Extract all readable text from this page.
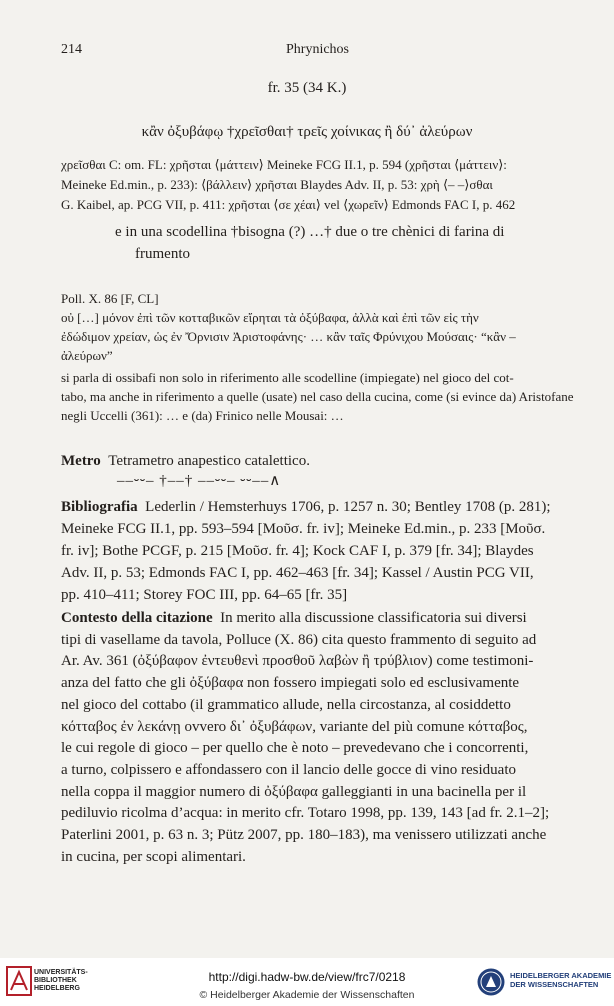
214	Phrynichos
fr. 35 (34 K.)
κἂν ὀξυβάφῳ †χρεῖσθαι† τρεῖς χοίνικας ἢ δύ᾽ ἀλεύρων
χρεῖσθαι C: om. FL: χρῆσται ⟨μάττειν⟩ Meineke FCG II.1, p. 594 (χρῆσται ⟨μάττειν⟩:
Meineke Ed.min., p. 233): ⟨βάλλειν⟩ χρῆσται Blaydes Adv. II, p. 53: χρὴ ⟨– –⟩σθαι
G. Kaibel, ap. PCG VII, p. 411: χρῆσται ⟨σε χέαι⟩ vel ⟨χωρεῖν⟩ Edmonds FAC I, p. 462
e in una scodellina †bisogna (?) …† due o tre chènici di farina di
frumento
Poll. X. 86 [F, CL]
οὐ […] μόνον ἐπὶ τῶν κοτταβικῶν εἴρηται τὰ ὀξύβαφα, ἀλλὰ καὶ ἐπὶ τῶν εἰς τὴν
ἐδώδιμον χρείαν, ὡς ἐν Ὄρνισιν Ἀριστοφάνης· … κἂν ταῖς Φρύνιχου Μούσαις· “κἂν –
ἀλεύρων”
si parla di ossibafi non solo in riferimento alle scodelline (impiegate) nel gioco del cot-
tabo, ma anche in riferimento a quelle (usate) nel caso della cucina, come (si evince da) Aristofane
negli Uccelli (361): … e (da) Frinico nelle Mousai: …
Metro Tetrametro anapestico catalettico.
––⏑⏑– †––† ––⏑⏑– ⏑⏑––∧
Bibliografia Lederlin / Hemsterhuys 1706, p. 1257 n. 30; Bentley 1708 (p. 281);
Meineke FCG II.1, pp. 593–594 [Μοῦσ. fr. iv]; Meineke Ed.min., p. 233 [Μοῦσ.
fr. iv]; Bothe PCGF, p. 215 [Μοῦσ. fr. 4]; Kock CAF I, p. 379 [fr. 34]; Blaydes
Adv. II, p. 53; Edmonds FAC I, pp. 462–463 [fr. 34]; Kassel / Austin PCG VII,
pp. 410–411; Storey FOC III, pp. 64–65 [fr. 35]
Contesto della citazione In merito alla discussione classificatoria sui diversi
tipi di vasellame da tavola, Polluce (X. 86) cita questo frammento di seguito ad
Ar. Av. 361 (ὀξύβαφον ἐντευθενὶ προσθοῦ λαβὼν ἢ τρύβλιον) come testimoni-
anza del fatto che gli ὀξύβαφα non fossero impiegati solo ed esclusivamente
nel gioco del cottabo (il grammatico allude, nella circostanza, al cosiddetto
κότταβος ἐν λεκάνῃ ovvero δι᾽ ὀξυβάφων, variante del più comune κότταβος,
le cui regole di gioco – per quello che è noto – prevedevano che i concorrenti,
a turno, colpissero e affondassero con il lancio delle gocce di vino residuato
nella coppa il maggior numero di ὀξύβαφα galleggianti in una bacinella per il
pediluvio ricolma d’acqua: in merito cfr. Totaro 1998, pp. 139, 143 [ad fr. 2.1–2];
Paterlini 2001, p. 63 n. 3; Pütz 2007, pp. 180–183), ma venissero utilizzati anche
in cucina, per scopi alimentari.
UNIVERSITÄTS-
BIBLIOTHEK
HEIDELBERG
http://digi.hadw-bw.de/view/frc7/0218
© Heidelberger Akademie der Wissenschaften
HEIDELBERGER AKADEMIE
DER WISSENSCHAFTEN
